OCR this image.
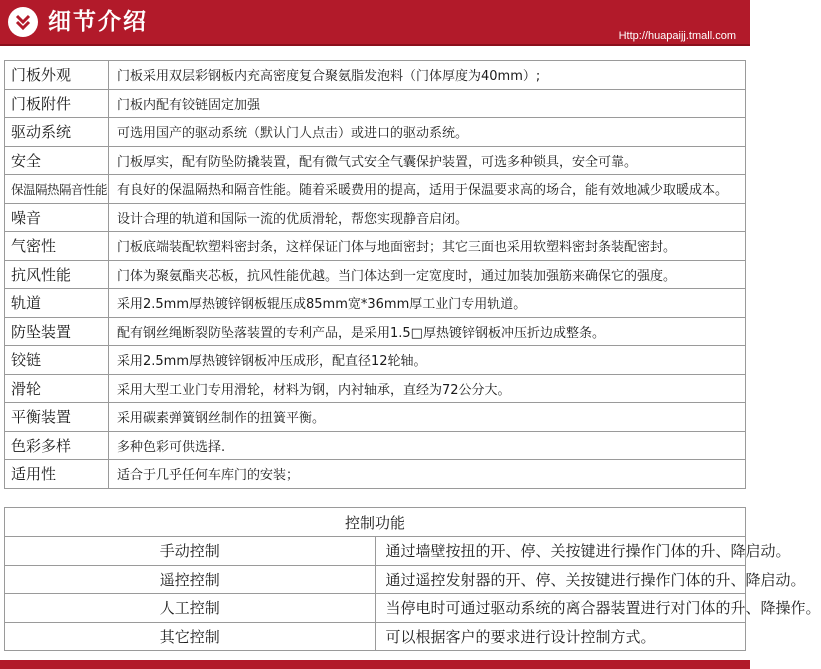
细节介绍
Http://huapaijj.tmall.com
门板外观	门板采用双层彩钢板内充高密度复合聚氨脂发泡料（门体厚度为40mm）;
门板附件	门板内配有铰链固定加强
驱动系统	可选用国产的驱动系统（默认门人点击）或进口的驱动系统。
安全	门板厚实，配有防坠防撬装置，配有微气式安全气囊保护装置，可选多种锁具，安全可靠。
保温隔热隔音性能	有良好的保温隔热和隔音性能。随着采暖费用的提高，适用于保温要求高的场合，能有效地减少取暖成本。
噪音	设计合理的轨道和国际一流的优质滑轮，帮您实现静音启闭。
气密性	门板底端装配软塑料密封条，这样保证门体与地面密封；其它三面也采用软塑料密封条装配密封。
抗风性能	门体为聚氨酯夹芯板，抗风性能优越。当门体达到一定宽度时，通过加装加强筋来确保它的强度。
轨道	采用2.5mm厚热镀锌钢板辊压成85mm宽*36mm厚工业门专用轨道。
防坠装置	配有钢丝绳断裂防坠落装置的专利产品，是采用1.5□厚热镀锌钢板冲压折边成整条。
铰链	采用2.5mm厚热镀锌钢板冲压成形，配直径12轮轴。
滑轮	采用大型工业门专用滑轮，材料为钢，内衬轴承，直经为72公分大。
平衡装置	采用碳素弹簧钢丝制作的扭簧平衡。
色彩多样	多种色彩可供选择.
适用性	适合于几乎任何车库门的安装；
控制功能	
手动控制	通过墙壁按扭的开、停、关按键进行操作门体的升、降启动。
遥控控制	通过遥控发射器的开、停、关按键进行操作门体的升、降启动。
人工控制	当停电时可通过驱动系统的离合器装置进行对门体的升、降操作。
其它控制	可以根据客户的要求进行设计控制方式。
